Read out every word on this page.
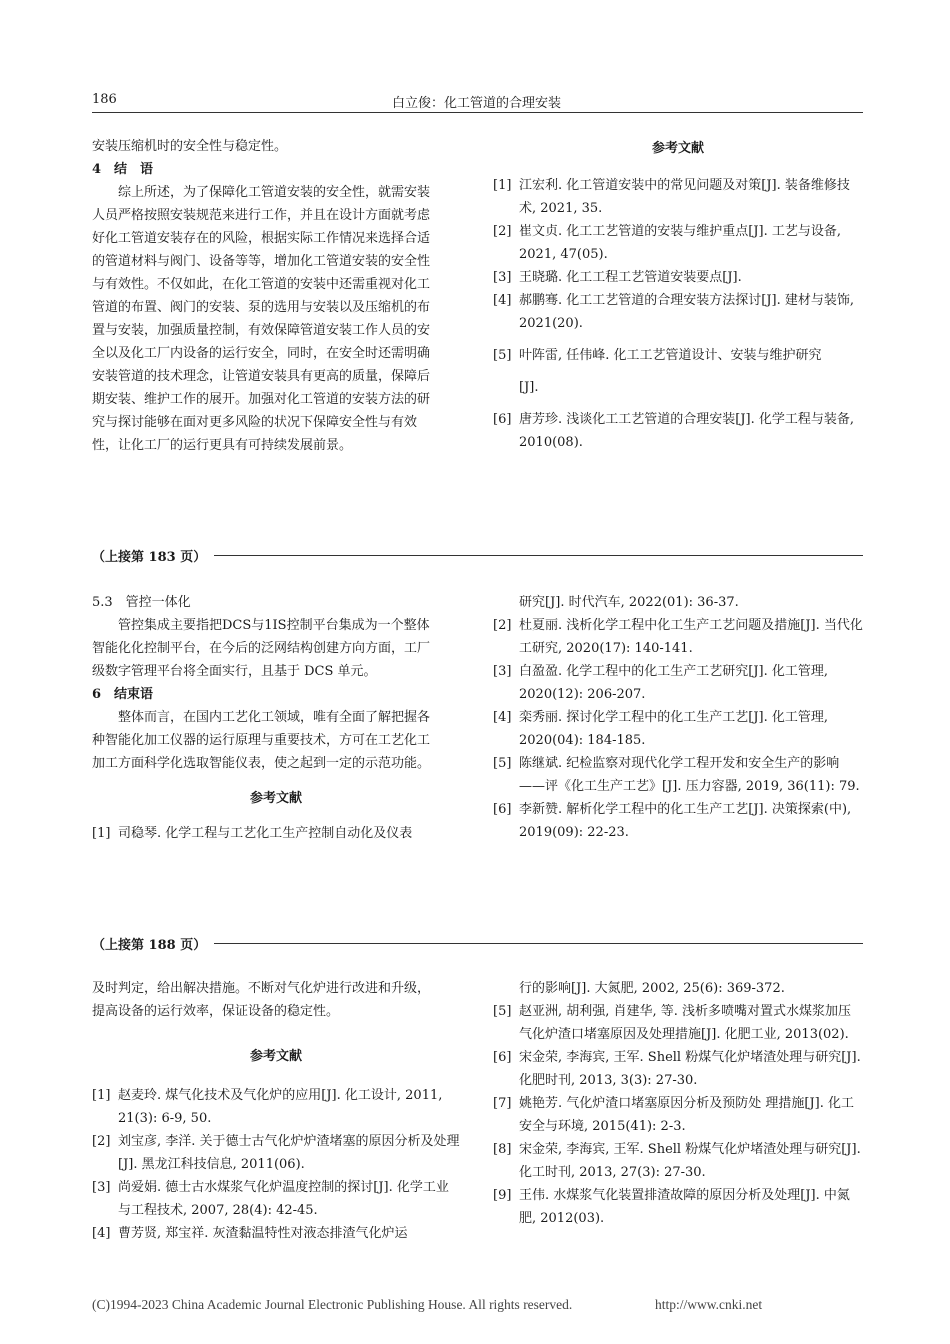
186	白立俊：化工管道的合理安装
安装压缩机时的安全性与稳定性。
4　结　语
　　综上所述，为了保障化工管道安装的安全性，就需安装
人员严格按照安装规范来进行工作，并且在设计方面就考虑
好化工管道安装存在的风险，根据实际工作情况来选择合适
的管道材料与阀门、设备等等，增加化工管道安装的安全性
与有效性。不仅如此，在化工管道的安装中还需重视对化工
管道的布置、阀门的安装、泵的选用与安装以及压缩机的布
置与安装，加强质量控制，有效保障管道安装工作人员的安
全以及化工厂内设备的运行安全，同时，在安全时还需明确
安装管道的技术理念，让管道安装具有更高的质量，保障后
期安装、维护工作的展开。加强对化工管道的安装方法的研
究与探讨能够在面对更多风险的状况下保障安全性与有效
性，让化工厂的运行更具有可持续发展前景。
参考文献
[1] 江宏利. 化工管道安装中的常见问题及对策[J]. 装备维修技术, 2021, 35.
[2] 崔文贞. 化工工艺管道的安装与维护重点[J]. 工艺与设备, 2021, 47(05).
[3] 王晓璐. 化工工程工艺管道安装要点[J].
[4] 郝鹏骞. 化工工艺管道的合理安装方法探讨[J]. 建材与装饰, 2021(20).
[5] 叶阵雷, 任伟峰. 化工工艺管道设计、安装与维护研究
[J].
[6] 唐芳珍. 浅谈化工工艺管道的合理安装[J]. 化学工程与装备, 2010(08).
（上接第 183 页）
5.3　管控一体化
　　管控集成主要指把DCS与1IS控制平台集成为一个整体
智能化化控制平台，在今后的泛网结构创建方向方面，工厂
级数字管理平台将全面实行，且基于 DCS 单元。
6　结束语
　　整体而言，在国内工艺化工领域，唯有全面了解把握各
种智能化加工仪器的运行原理与重要技术，方可在工艺化工
加工方面科学化选取智能仪表，使之起到一定的示范功能。
参考文献
[1] 司稳琴. 化学工程与工艺化工生产控制自动化及仪表
研究[J]. 时代汽车, 2022(01): 36-37.
[2] 杜夏丽. 浅析化学工程中化工生产工艺问题及措施[J]. 当代化工研究, 2020(17): 140-141.
[3] 白盈盈. 化学工程中的化工生产工艺研究[J]. 化工管理, 2020(12): 206-207.
[4] 栾秀丽. 探讨化学工程中的化工生产工艺[J]. 化工管理, 2020(04): 184-185.
[5] 陈继斌. 纪检监察对现代化学工程开发和安全生产的影响——评《化工生产工艺》[J]. 压力容器, 2019, 36(11): 79.
[6] 李新赞. 解析化学工程中的化工生产工艺[J]. 决策探索(中), 2019(09): 22-23.
（上接第 188 页）
及时判定，给出解决措施。不断对气化炉进行改进和升级，
提高设备的运行效率，保证设备的稳定性。
参考文献
[1] 赵麦玲. 煤气化技术及气化炉的应用[J]. 化工设计, 2011, 21(3): 6-9, 50.
[2] 刘宝彦, 李洋. 关于德士古气化炉炉渣堵塞的原因分析及处理[J]. 黑龙江科技信息, 2011(06).
[3] 尚爱娟. 德士古水煤浆气化炉温度控制的探讨[J]. 化学工业与工程技术, 2007, 28(4): 42-45.
[4] 曹芳贤, 郑宝祥. 灰渣黏温特性对液态排渣气化炉运
行的影响[J]. 大氮肥, 2002, 25(6): 369-372.
[5] 赵亚洲, 胡利强, 肖建华, 等. 浅析多喷嘴对置式水煤浆加压气化炉渣口堵塞原因及处理措施[J]. 化肥工业, 2013(02).
[6] 宋金荣, 李海宾, 王军. Shell 粉煤气化炉堵渣处理与研究[J]. 化肥时刊, 2013, 3(3): 27-30.
[7] 姚艳芳. 气化炉渣口堵塞原因分析及预防处 理措施[J]. 化工安全与环境, 2015(41): 2-3.
[8] 宋金荣, 李海宾, 王军. Shell 粉煤气化炉堵渣处理与研究[J]. 化工时刊, 2013, 27(3): 27-30.
[9] 王伟. 水煤浆气化装置排渣故障的原因分析及处理[J]. 中氮肥, 2012(03).
(C)1994-2023 China Academic Journal Electronic Publishing House. All rights reserved.	http://www.cnki.net
